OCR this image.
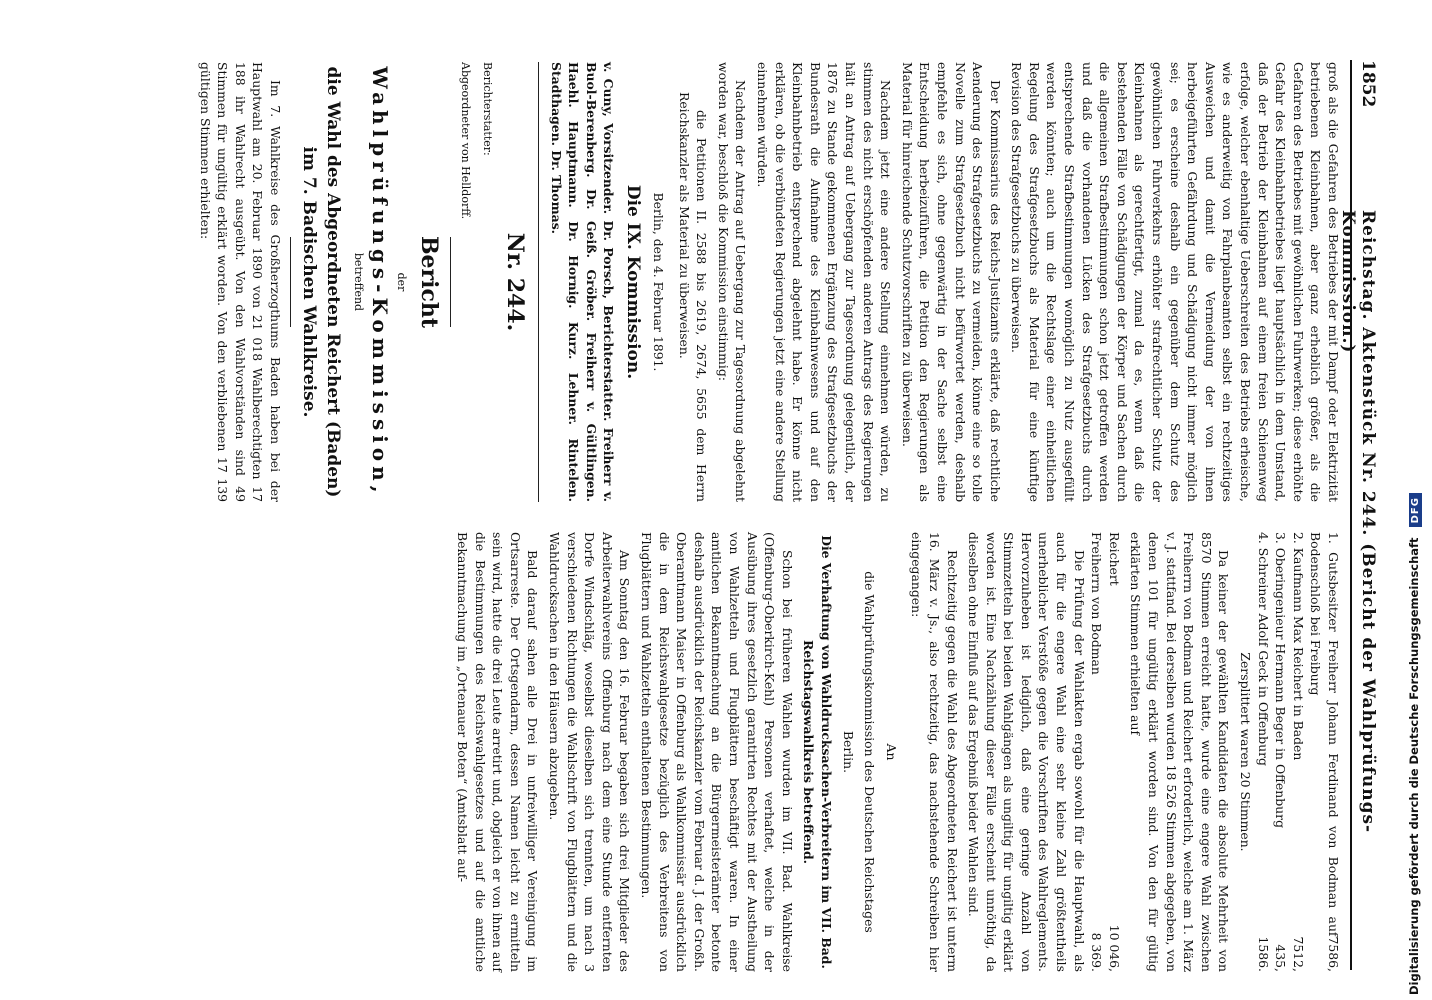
1852
Reichstag. Aktenstück Nr. 244. (Bericht der Wahlprüfungs-Kommission.)

groß als die Gefahren des Betriebes der mit Dampf oder Elektrizität betriebenen Kleinbahnen, aber ganz erheblich größer, als die Gefahren des Betriebes mit gewöhnlichen Fuhrwerken; diese erhöhte Gefahr des Kleinbahnbetriebes liegt hauptsächlich in dem Umstand, daß der Betrieb der Kleinbahnen auf einem freien Schienenweg erfolge, welcher ebenhaltige Ueberschreiten des Betriebs erheische, wie es anderweitig von Fahrplanbeamten selbst ein rechtzeitiges Ausweichen und damit die Vermeidung der von ihnen herbeigeführten Gefährdung und Schädigung nicht immer möglich sei; es erscheine deshalb ein gegenüber dem Schutz des gewöhnlichen Fuhrverkehrs erhöhter strafrechtlicher Schutz der Kleinbahnen als gerechtfertigt, zumal da es, wenn daß die bestehenden Fälle von Schädigungen der Körper und Sachen durch die allgemeinen Strafbestimmungen schon jetzt getroffen werden und daß die vorhandenen Lücken des Strafgesetzbuchs durch entsprechende Strafbestimmungen womöglich zu Nutz ausgefüllt werden könnten; auch um die Rechtslage einer einheitlichen Regelung des Strafgesetzbuchs als Material für eine künftige Revision des Strafgesetzbuchs zu überweisen.

Der Kommissarius des Reichs-Justizamts erklärte, daß rechtliche Aenderung des Strafgesetzbuchs zu vermeiden, könne eine so tolle Novelle zum Strafgesetzbuch nicht befürwortet werden, deshalb empfehle es sich, ohne gegenwärtig in der Sache selbst eine Entscheidung herbeizuführen, die Petition den Regierungen als Material für hinreichende Schutzvorschriften zu überweisen.

Nachdem jetzt eine andere Stellung einnehmen würden, zu stimmen des nicht erschöpfenden anderen Antrags des Regierungen hält an Antrag auf Uebergang zur Tagesordnung gelegentlich, der 1876 zu Stande gekommenen Ergänzung des Strafgesetzbuchs der Bundesrath die Aufnahme des Kleinbahnwesens und auf den Kleinbahnbetrieb entsprechend abgelehnt habe. Er könne nicht erklären, ob die verbündeten Regierungen jetzt eine andere Stellung einnehmen würden.

Nachdem der Antrag auf Uebergang zur Tagesordnung abgelehnt worden war, beschloß die Kommission einstimmig:

die Petitionen II. 2588 bis 2619, 2674, 5655 dem Herrn Reichskanzler als Material zu überweisen.

Berlin, den 4. Februar 1891.

Die IX. Kommission.

v. Cuny, Vorsitzender. Dr. Porsch, Berichterstatter. Freiherr v. Buol-Berenberg. Dr. Geiß. Gröber. Freiherr v. Gültlingen. Haehl. Hauptmann. Dr. Hornig. Kurz. Lehner. Rintelen. Stadthagen. Dr. Thomas.

Nr. 244.

Berichterstatter:

Abgeordneter von Helldorff.

Bericht

der

Wahlprüfungs-Kommission,

betreffend

die Wahl des Abgeordneten Reichert (Baden) im 7. Badischen Wahlkreise.

Im 7. Wahlkreise des Großherzogthums Baden haben bei der Hauptwahl am 20. Februar 1890 von 21 018 Wahlberechtigten 17 188 ihr Wahlrecht ausgeübt. Von den Wahlvorständen sind 49 Stimmen für ungültig erklärt worden. Von den verbliebenen 17 139 gültigen Stimmen erhielten:

1. Gutsbesitzer Freiherr Johann Ferdinand von Bodman auf Bodenschloß bei Freiburg
7586,
2. Kaufmann Max Reichert in Baden
7512,
3. Oberingenieur Hermann Beger in Offenburg
435,
4. Schreiner Adolf Geck in Offenburg
1586.

Zersplittert waren 20 Stimmen.

Da keiner der gewählten Kandidaten die absolute Mehrheit von 8570 Stimmen erreicht hatte, wurde eine engere Wahl zwischen Freiherrn von Bodman und Reichert erforderlich, welche am 1. März v. J. stattfand. Bei derselben wurden 18 526 Stimmen abgegeben, von denen 101 für ungültig erklärt worden sind. Von den für gültig erklärten Stimmen erhielten auf

Reichert
10 046,
Freiherrn von Bodman
8 369.

Die Prüfung der Wahlakten ergab sowohl für die Hauptwahl, als auch für die engere Wahl eine sehr kleine Zahl größtentheils unerheblicher Verstöße gegen die Vorschriften des Wahlreglements. Hervorzuheben ist lediglich, daß eine geringe Anzahl von Stimmzetteln bei beiden Wahlgängen als ungiltig für ungiltig erklärt worden ist. Eine Nachzählung dieser Fälle erscheint unnöthig, da dieselben ohne Einfluß auf das Ergebniß beider Wahlen sind.

Rechtzeitig gegen die Wahl des Abgeordneten Reichert ist unterm 16. März v. Js., also rechtzeitig, das nachstehende Schreiben hier eingegangen:

An

die Wahlprüfungskommission des Deutschen Reichstages

Berlin.

Die Verhaftung von Wahldrucksachen-Verbreitern im VII. Bad. Reichstagswahlkreis betreffend.

Schon bei früheren Wahlen wurden im VII. Bad. Wahlkreise (Offenburg-Oberkirch-Kehl) Personen verhaftet, welche in der Ausübung ihres gesetzlich garantirten Rechtes mit der Austheilung von Wahlzetteln und Flugblättern beschäftigt waren. In einer amtlichen Bekanntmachung an die Bürgermeisterämter betonte deshalb ausdrücklich der Reichskanzler vom Februar d. J. der Großh. Oberamtmann Maiser in Offenburg als Wahlkommissär ausdrücklich die in dem Reichswahlgesetze bezüglich des Verbreitens von Flugblättern und Wahlzetteln enthaltenen Bestimmungen.

Am Sonntag den 16. Februar begaben sich drei Mitglieder des Arbeiterwahlvereins Offenburg nach dem eine Stunde entfernten Dorfe Windschläg, woselbst dieselben sich trennten, um nach 3 verschiedenen Richtungen die Wahlschrift von Flugblättern und die Wahldrucksachen in den Häusern abzugeben.

Bald darauf sahen alle Drei in unfreiwilliger Vereinigung im Ortsarreste. Der Ortsgendarm, dessen Namen leicht zu ermitteln sein wird, hatte die drei Leute arretirt und, obgleich er von ihnen auf die Bestimmungen des Reichswahlgesetzes und auf die amtliche Bekanntmachung im „Ortenauer Boten“ (Amtsblatt auf-	Digitalisierung gefördert durch die Deutsche Forschungsgemeinschaft DFG
